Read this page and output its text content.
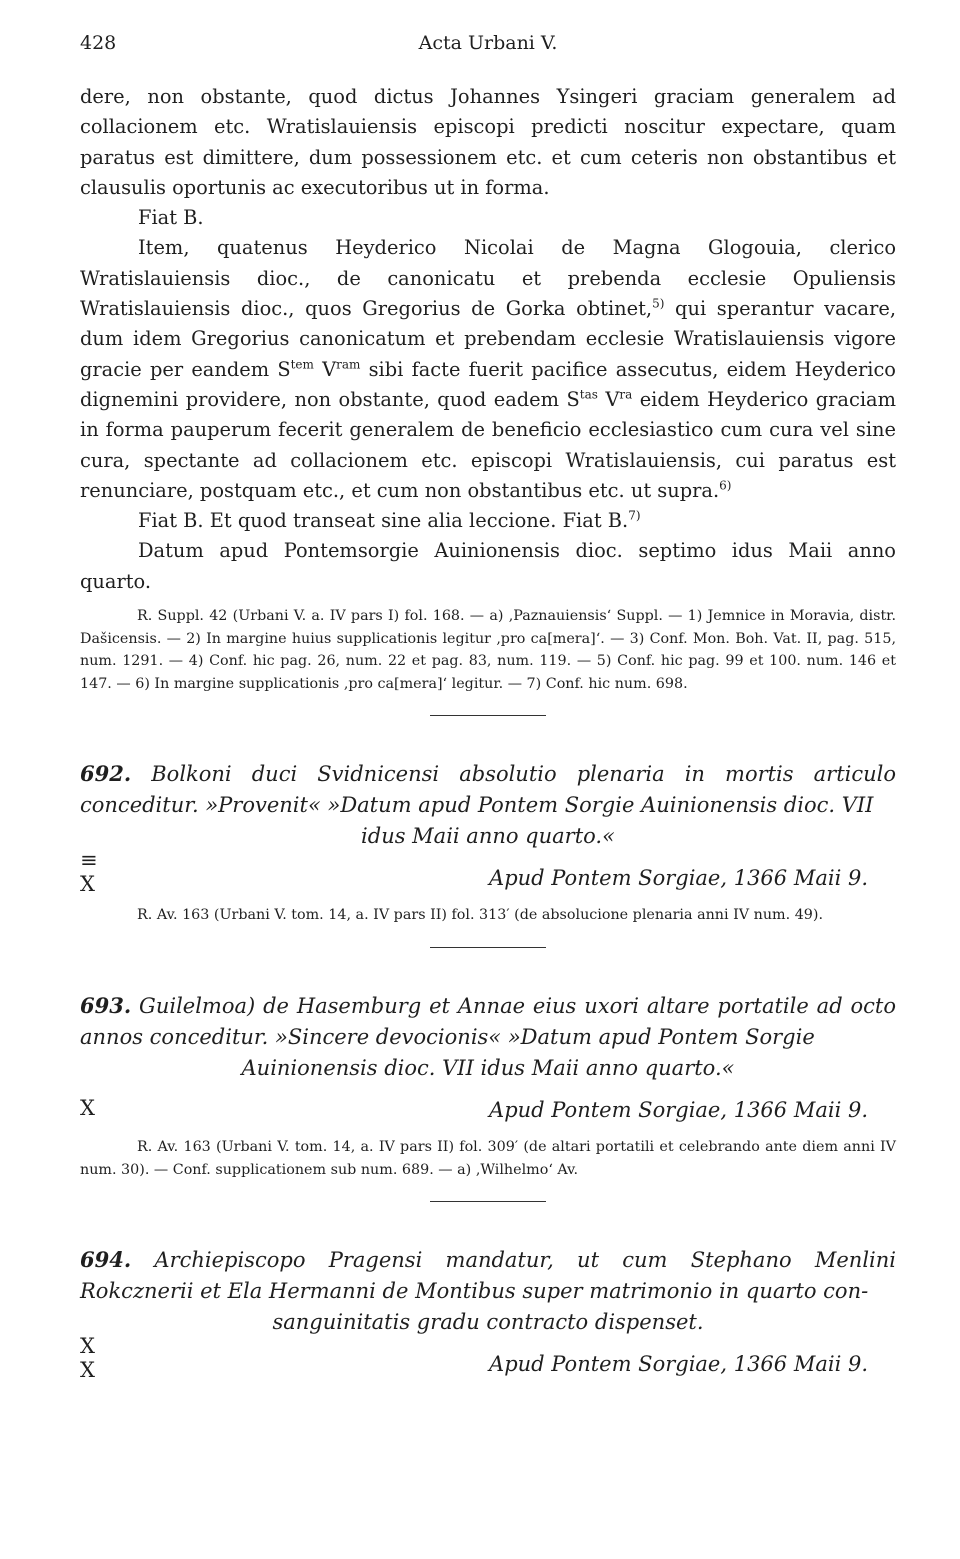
428	Acta Urbani V.

dere, non obstante, quod dictus Johannes Ysingeri graciam generalem ad collacionem etc. Wratislauiensis episcopi predicti noscitur expectare, quam paratus est dimittere, dum possessionem etc. et cum ceteris non obstantibus et clausulis oportunis ac executoribus ut in forma.

Fiat B.

Item, quatenus Heyderico Nicolai de Magna Glogouia, clerico Wratislauiensis dioc., de canonicatu et prebenda ecclesie Opuliensis Wratislauiensis dioc., quos Gregorius de Gorka obtinet,$^{5)}$ qui sperantur vacare, dum idem Gregorius canonicatum et prebendam ecclesie Wratislauiensis vigore gracie per eandem $S^{tem}$ $V^{ram}$ sibi facte fuerit pacifice assecutus, eidem Heyderico dignemini providere, non obstante, quod eadem $S^{tas}$ $V^{ra}$ eidem Heyderico graciam in forma pauperum fecerit generalem de beneficio ecclesiastico cum cura vel sine cura, spectante ad collacionem etc. episcopi Wratislauiensis, cui paratus est renunciare, postquam etc., et cum non obstantibus etc. ut supra.$^{6)}$

Fiat B. Et quod transeat sine alia leccione. Fiat B.$^{7)}$

Datum apud Pontemsorgie Auinionensis dioc. septimo idus Maii anno quarto.

R. Suppl. 42 (Urbani V. a. IV pars I) fol. 168. — a) ‚Paznauiensis‘ Suppl. — 1) Jemnice in Moravia, distr. Dašicensis. — 2) In margine huius supplicationis legitur ‚pro ca[mera]‘. — 3) Conf. Mon. Boh. Vat. II, pag. 515, num. 1291. — 4) Conf. hic pag. 26, num. 22 et pag. 83, num. 119. — 5) Conf. hic pag. 99 et 100. num. 146 et 147. — 6) In margine supplicationis ‚pro ca[mera]‘ legitur. — 7) Conf. hic num. 698.

692. Bolkoni duci Svidnicensi absolutio plenaria in mortis articulo conceditur. »Provenit« »Datum apud Pontem Sorgie Auinionensis dioc. VII
idus Maii anno quarto.«

≡
X	Apud Pontem Sorgiae, 1366 Maii 9.

R. Av. 163 (Urbani V. tom. 14, a. IV pars II) fol. 313′ (de absolucione plenaria anni IV num. 49).

693. Guilelmoa) de Hasemburg et Annae eius uxori altare portatile ad octo annos conceditur. »Sincere devocionis« »Datum apud Pontem Sorgie
Auinionensis dioc. VII idus Maii anno quarto.«

X	Apud Pontem Sorgiae, 1366 Maii 9.

R. Av. 163 (Urbani V. tom. 14, a. IV pars II) fol. 309′ (de altari portatili et celebrando ante diem anni IV num. 30). — Conf. supplicationem sub num. 689. — a) ‚Wilhelmo‘ Av.

694. Archiepiscopo Pragensi mandatur, ut cum Stephano Menlini Rokcznerii et Ela Hermanni de Montibus super matrimonio in quarto con-
sanguinitatis gradu contracto dispenset.

X
X	Apud Pontem Sorgiae, 1366 Maii 9.
